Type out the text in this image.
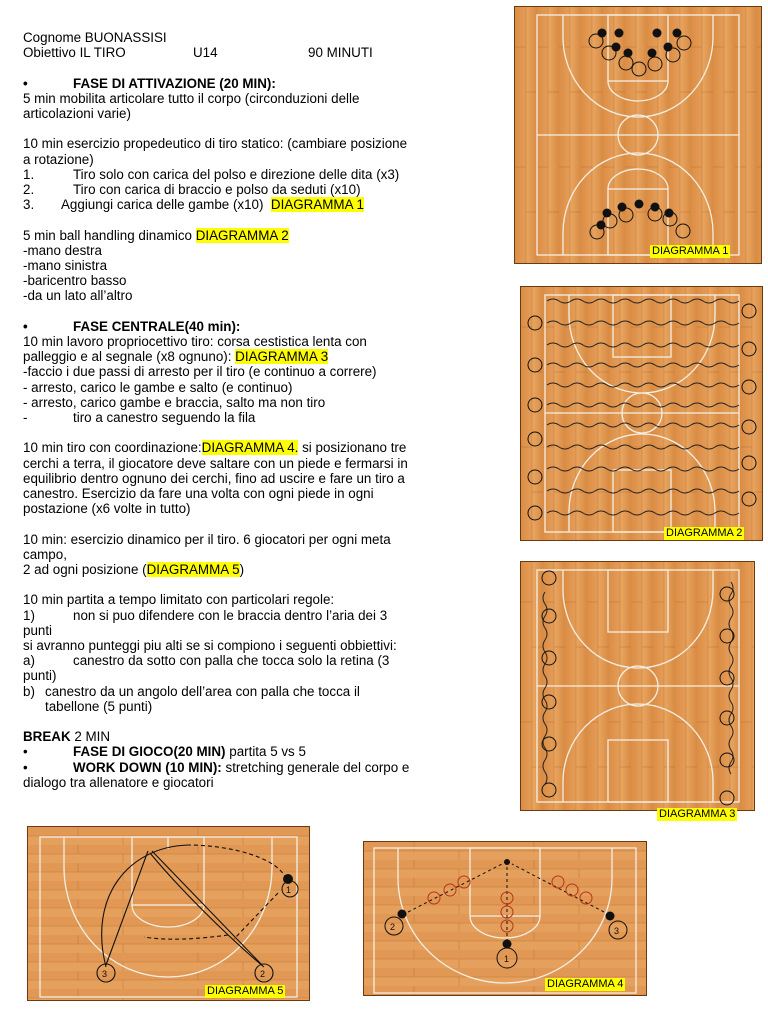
Cognome BUONASSISI
Obiettivo IL TIRO	U14	90 MINUTI
•	FASE DI ATTIVAZIONE (20 MIN):
5 min mobilita articolare tutto il corpo (circonduzioni delle
articolazioni varie)
10 min esercizio propedeutico di tiro statico: (cambiare posizione
a rotazione)
1.	Tiro solo con carica del polso e direzione delle dita (x3)
2.	Tiro con carica di braccio e polso da seduti (x10)
3. Aggiungi carica delle gambe (x10) DIAGRAMMA 1
5 min ball handling dinamico DIAGRAMMA 2
-mano destra
-mano sinistra
-baricentro basso
-da un lato all’altro
•	FASE CENTRALE(40 min):
10 min lavoro propriocettivo tiro: corsa cestistica lenta con
palleggio e al segnale (x8 ognuno): DIAGRAMMA 3
-faccio i due passi di arresto per il tiro (e continuo a correre)
- arresto, carico le gambe e salto (e continuo)
- arresto, carico gambe e braccia, salto ma non tiro
-	tiro a canestro seguendo la fila
10 min tiro con coordinazione:DIAGRAMMA 4. si posizionano tre
cerchi a terra, il giocatore deve saltare con un piede e fermarsi in
equilibrio dentro ognuno dei cerchi, fino ad uscire e fare un tiro a
canestro. Esercizio da fare una volta con ogni piede in ogni
postazione (x6 volte in tutto)
10 min: esercizio dinamico per il tiro. 6 giocatori per ogni meta
campo,
2 ad ogni posizione (DIAGRAMMA 5)
10 min partita a tempo limitato con particolari regole:
1)	non si puo difendere con le braccia dentro l’aria dei 3
punti
si avranno punteggi piu alti se si compiono i seguenti obbiettivi:
a)	canestro da sotto con palla che tocca solo la retina (3
punti)
b) canestro da un angolo dell’area con palla che tocca il
tabellone (5 punti)
BREAK 2 MIN
•	FASE DI GIOCO(20 MIN) partita 5 vs 5
•	WORK DOWN (10 MIN): stretching generale del corpo e
dialogo tra allenatore e giocatori
DIAGRAMMA 1
DIAGRAMMA 2
DIAGRAMMA 3
3	2
1
DIAGRAMMA 5
2	3
1
DIAGRAMMA 4
